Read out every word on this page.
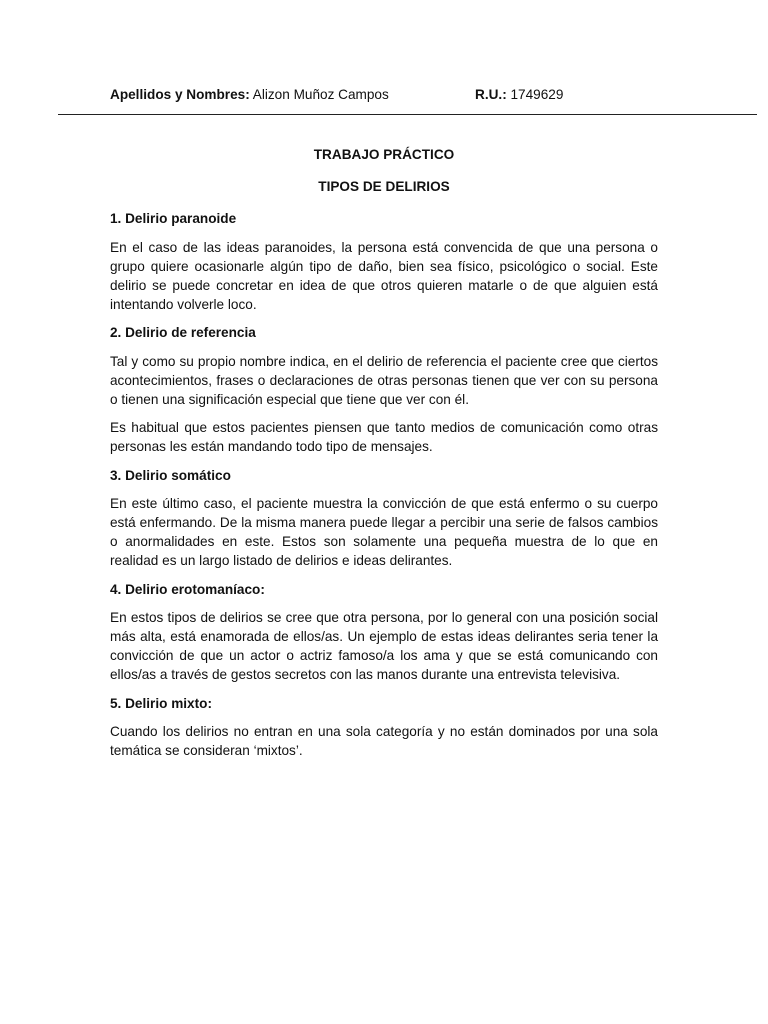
Apellidos y Nombres: Alizon Muñoz Campos	R.U.: 1749629
TRABAJO PRÁCTICO
TIPOS DE DELIRIOS
1. Delirio paranoide
En el caso de las ideas paranoides, la persona está convencida de que una persona o grupo quiere ocasionarle algún tipo de daño, bien sea físico, psicológico o social. Este delirio se puede concretar en idea de que otros quieren matarle o de que alguien está intentando volverle loco.
2. Delirio de referencia
Tal y como su propio nombre indica, en el delirio de referencia el paciente cree que ciertos acontecimientos, frases o declaraciones de otras personas tienen que ver con su persona o tienen una significación especial que tiene que ver con él.
Es habitual que estos pacientes piensen que tanto medios de comunicación como otras personas les están mandando todo tipo de mensajes.
3. Delirio somático
En este último caso, el paciente muestra la convicción de que está enfermo o su cuerpo está enfermando. De la misma manera puede llegar a percibir una serie de falsos cambios o anormalidades en este. Estos son solamente una pequeña muestra de lo que en realidad es un largo listado de delirios e ideas delirantes.
4. Delirio erotomaníaco:
En estos tipos de delirios se cree que otra persona, por lo general con una posición social más alta, está enamorada de ellos/as. Un ejemplo de estas ideas delirantes seria tener la convicción de que un actor o actriz famoso/a los ama y que se está comunicando con ellos/as a través de gestos secretos con las manos durante una entrevista televisiva.
5. Delirio mixto:
Cuando los delirios no entran en una sola categoría y no están dominados por una sola temática se consideran ‘mixtos’.
